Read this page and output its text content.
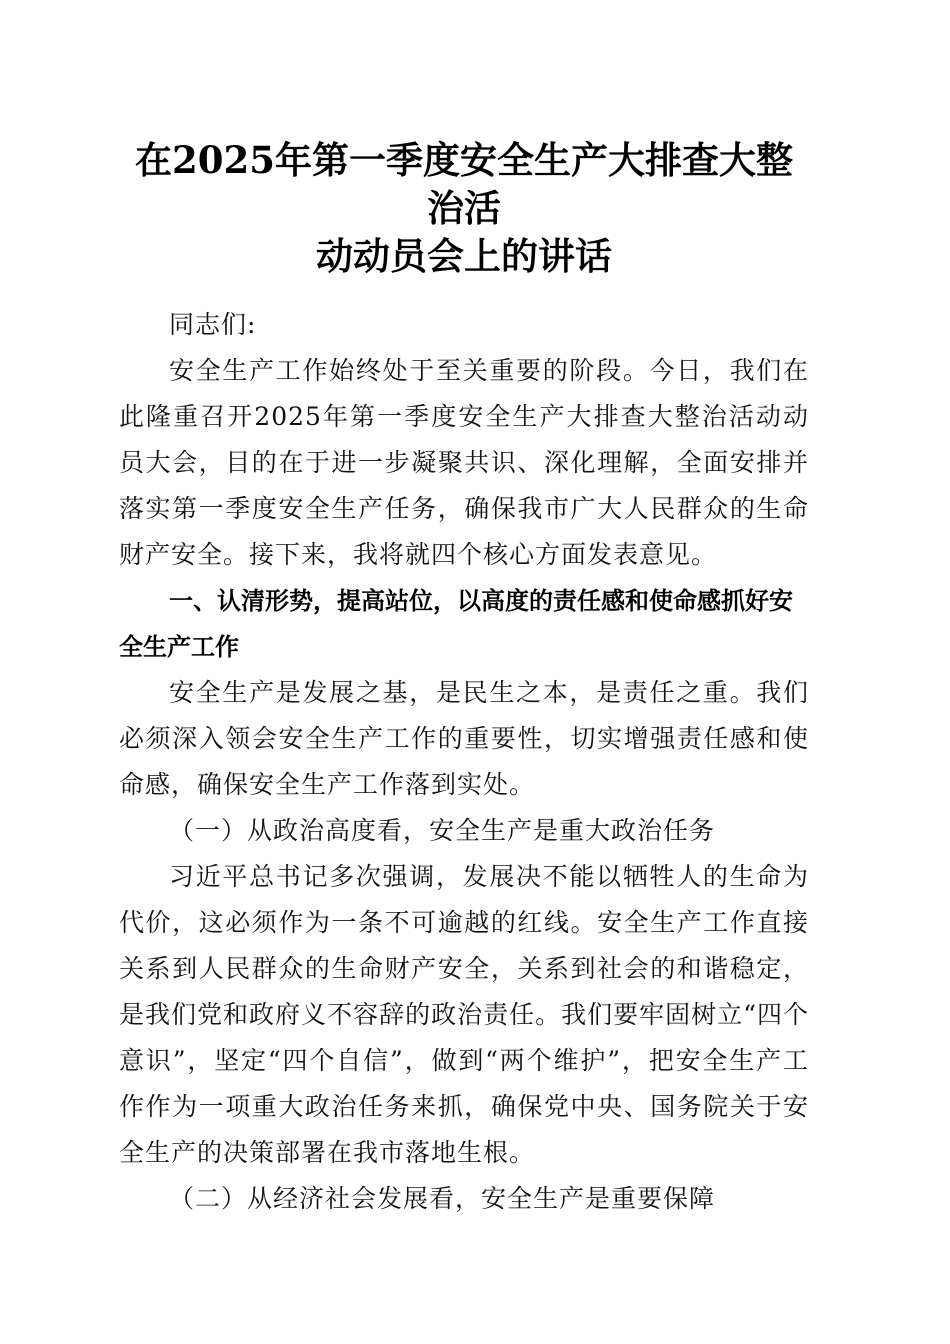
在2025年第一季度安全生产大排查大整治活
动动员会上的讲话

同志们:

安全生产工作始终处于至关重要的阶段。今日，我们在此隆重召开2025年第一季度安全生产大排查大整治活动动员大会，目的在于进一步凝聚共识、深化理解，全面安排并落实第一季度安全生产任务，确保我市广大人民群众的生命财产安全。接下来，我将就四个核心方面发表意见。

一、认清形势，提高站位，以高度的责任感和使命感抓好安全生产工作

安全生产是发展之基，是民生之本，是责任之重。我们必须深入领会安全生产工作的重要性，切实增强责任感和使命感，确保安全生产工作落到实处。

（一）从政治高度看，安全生产是重大政治任务

习近平总书记多次强调，发展决不能以牺牲人的生命为代价，这必须作为一条不可逾越的红线。安全生产工作直接关系到人民群众的生命财产安全，关系到社会的和谐稳定，是我们党和政府义不容辞的政治责任。我们要牢固树立“四个意识”，坚定“四个自信”，做到“两个维护”，把安全生产工作作为一项重大政治任务来抓，确保党中央、国务院关于安全生产的决策部署在我市落地生根。

（二）从经济社会发展看，安全生产是重要保障
